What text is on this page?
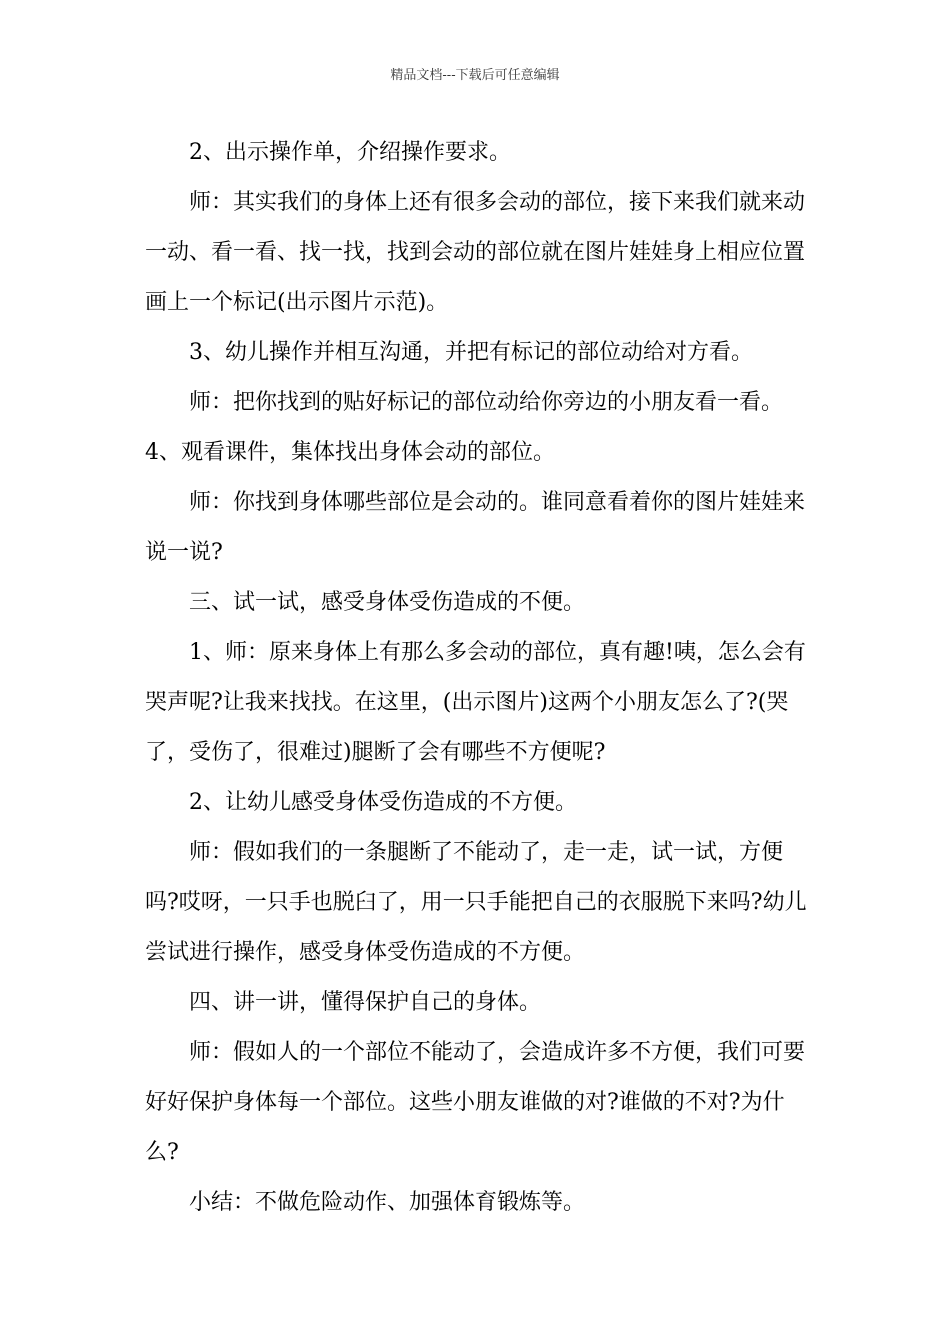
精品文档---下载后可任意编辑

2、出示操作单，介绍操作要求。

师：其实我们的身体上还有很多会动的部位，接下来我们就来动一动、看一看、找一找，找到会动的部位就在图片娃娃身上相应位置画上一个标记(出示图片示范)。

3、幼儿操作并相互沟通，并把有标记的部位动给对方看。

师：把你找到的贴好标记的部位动给你旁边的小朋友看一看。

4、观看课件，集体找出身体会动的部位。

师：你找到身体哪些部位是会动的。谁同意看着你的图片娃娃来说一说?

三、试一试，感受身体受伤造成的不便。

1、师：原来身体上有那么多会动的部位，真有趣!咦，怎么会有哭声呢?让我来找找。在这里，(出示图片)这两个小朋友怎么了?(哭了，受伤了，很难过)腿断了会有哪些不方便呢?

2、让幼儿感受身体受伤造成的不方便。

师：假如我们的一条腿断了不能动了，走一走，试一试，方便吗?哎呀，一只手也脱臼了，用一只手能把自己的衣服脱下来吗?幼儿尝试进行操作，感受身体受伤造成的不方便。

四、讲一讲，懂得保护自己的身体。

师：假如人的一个部位不能动了，会造成许多不方便，我们可要好好保护身体每一个部位。这些小朋友谁做的对?谁做的不对?为什么?

小结：不做危险动作、加强体育锻炼等。
